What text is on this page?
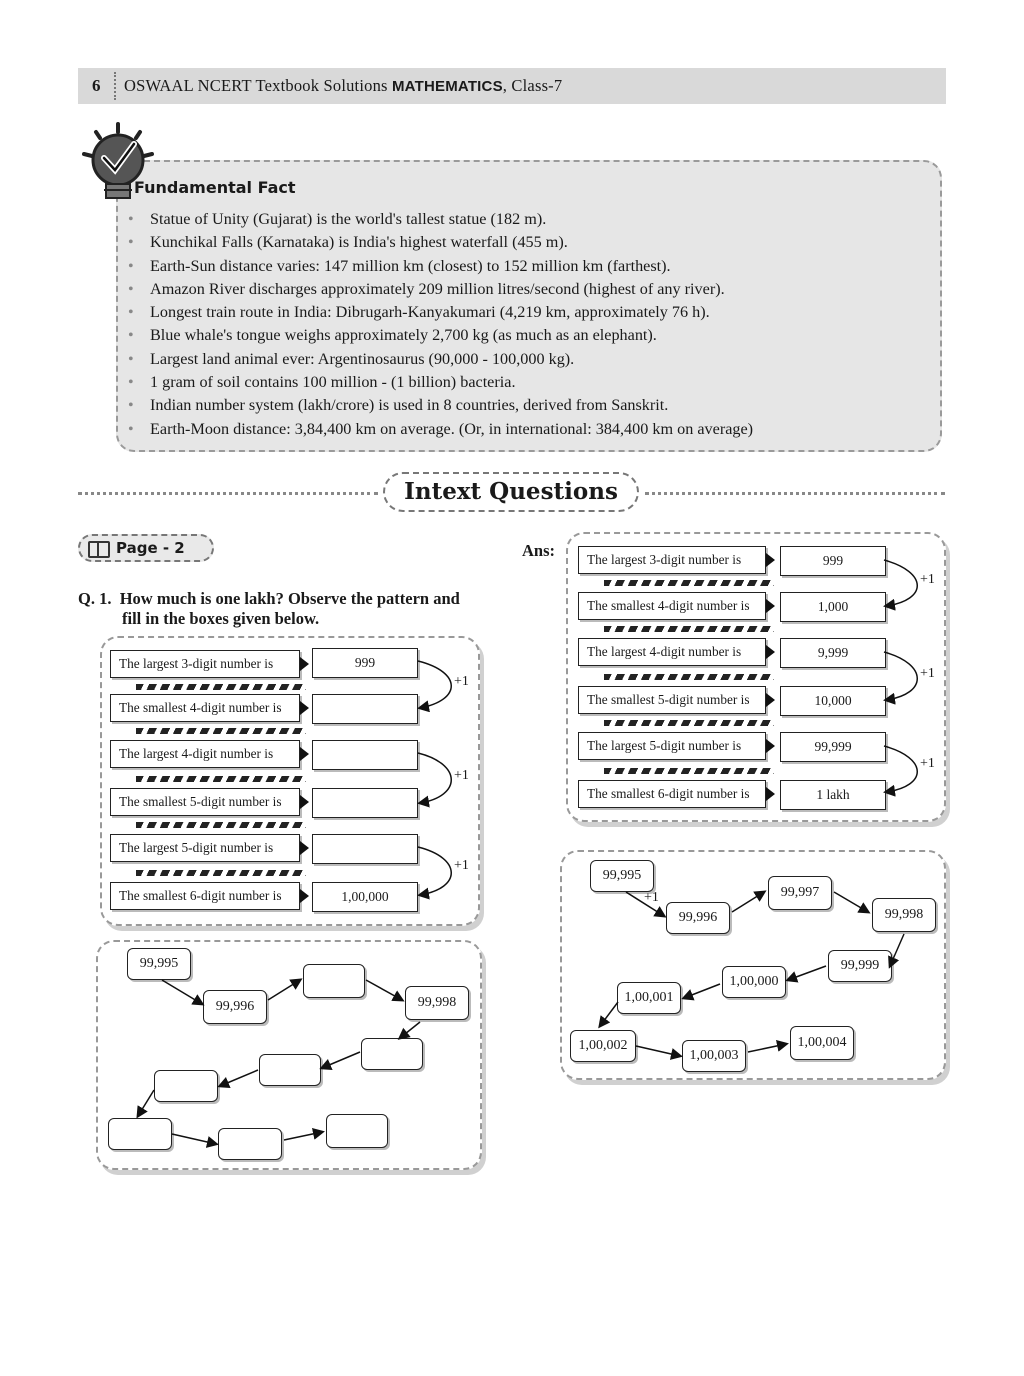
6 OSWAAL NCERT Textbook Solutions MATHEMATICS, Class-7
Fundamental Fact
• Statue of Unity (Gujarat) is the world's tallest statue (182 m).
• Kunchikal Falls (Karnataka) is India's highest waterfall (455 m).
• Earth-Sun distance varies: 147 million km (closest) to 152 million km (farthest).
• Amazon River discharges approximately 209 million litres/second (highest of any river).
• Longest train route in India: Dibrugarh-Kanyakumari (4,219 km, approximately 76 h).
• Blue whale's tongue weighs approximately 2,700 kg (as much as an elephant).
• Largest land animal ever: Argentinosaurus (90,000 - 100,000 kg).
• 1 gram of soil contains 100 million - (1 billion) bacteria.
• Indian number system (lakh/crore) is used in 8 countries, derived from Sanskrit.
• Earth-Moon distance: 3,84,400 km on average. (Or, in international: 384,400 km on average)
Intext Questions
Page - 2
Q. 1. How much is one lakh? Observe the pattern and
fill in the boxes given below.
Ans:
The largest 3-digit number is	999
The smallest 4-digit number is
The largest 4-digit number is
The smallest 5-digit number is
The largest 5-digit number is
The smallest 6-digit number is	1,00,000
+1
+1
+1
The largest 3-digit number is	999
The smallest 4-digit number is	1,000
The largest 4-digit number is	9,999
The smallest 5-digit number is	10,000
The largest 5-digit number is	99,999
The smallest 6-digit number is	1 lakh
+1
+1
+1
99,995
99,996	99,998
99,995
99,996
99,997
99,998
99,999
1,00,000
1,00,001
1,00,002
1,00,003
1,00,004
+1
